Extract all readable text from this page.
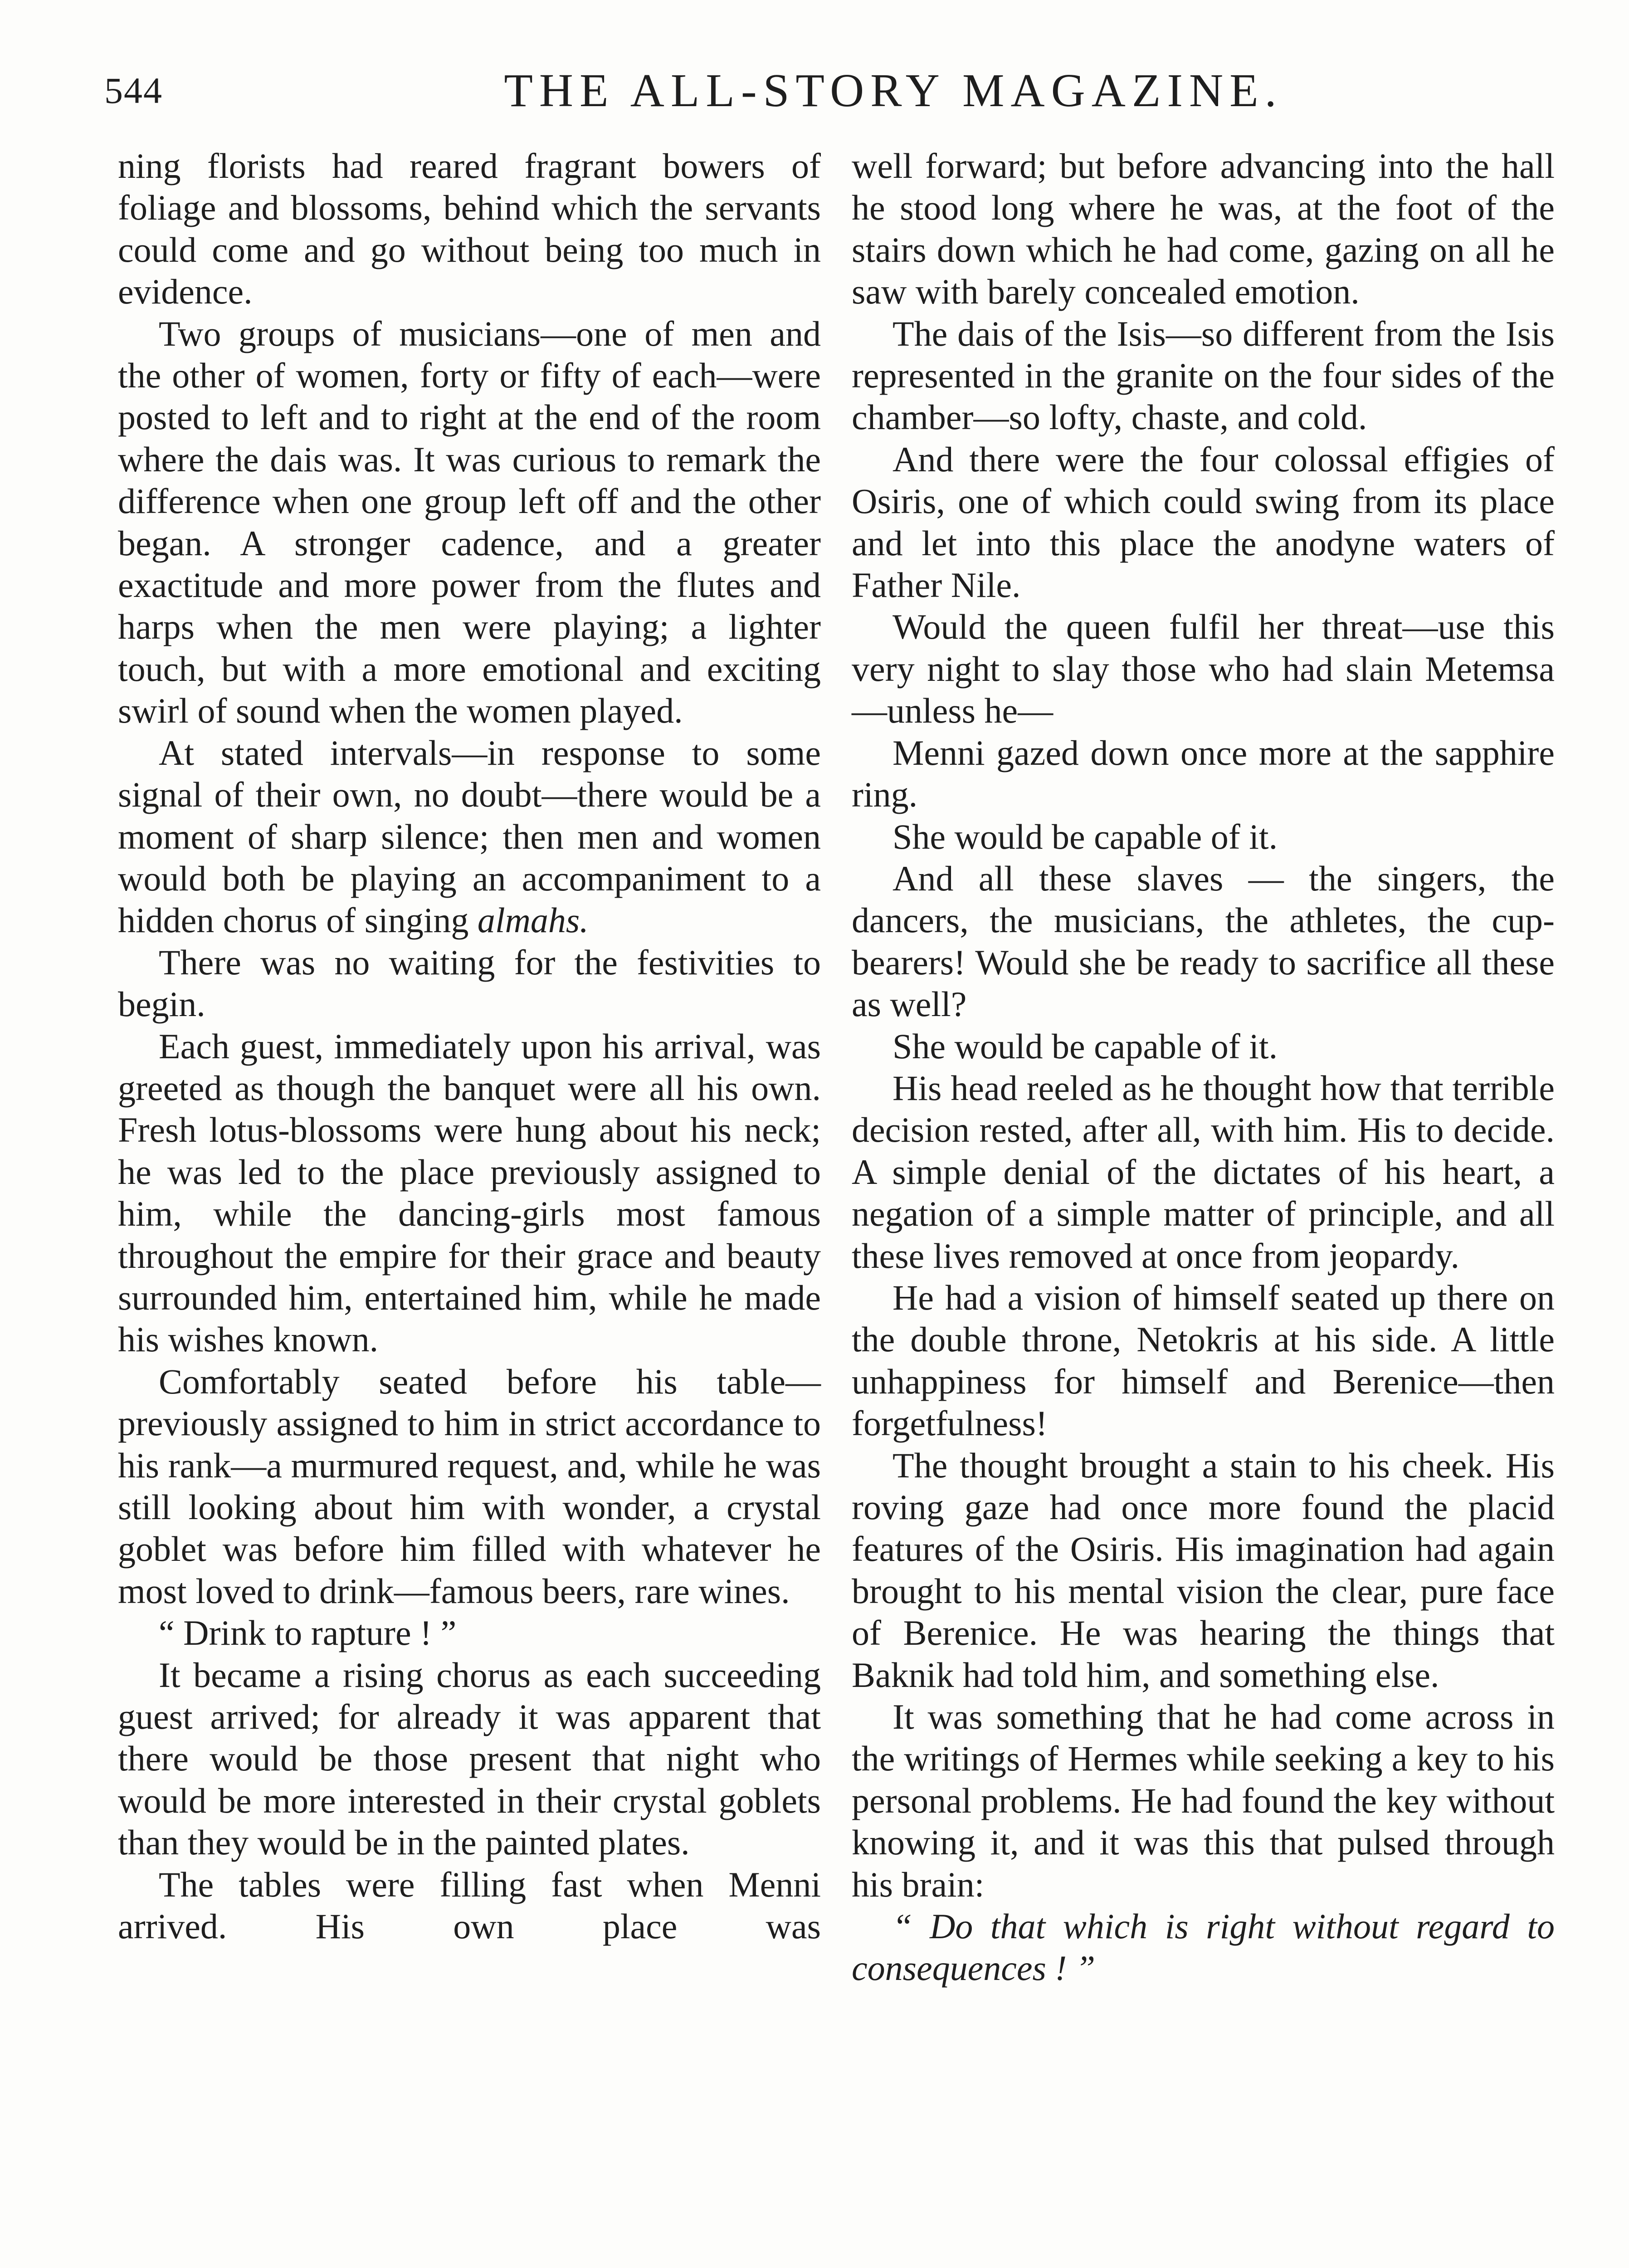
544	THE ALL-STORY MAGAZINE.

ning florists had reared fragrant bowers of foliage and blossoms, behind which the servants could come and go without being too much in evidence.

Two groups of musicians—one of men and the other of women, forty or fifty of each—were posted to left and to right at the end of the room where the dais was. It was curious to remark the difference when one group left off and the other began. A stronger cadence, and a greater exactitude and more power from the flutes and harps when the men were playing; a lighter touch, but with a more emotional and exciting swirl of sound when the women played.

At stated intervals—in response to some signal of their own, no doubt—there would be a moment of sharp silence; then men and women would both be playing an accompaniment to a hidden chorus of singing almahs.

There was no waiting for the festivities to begin.

Each guest, immediately upon his arrival, was greeted as though the banquet were all his own. Fresh lotus-blossoms were hung about his neck; he was led to the place previously assigned to him, while the dancing-girls most famous throughout the empire for their grace and beauty surrounded him, entertained him, while he made his wishes known.

Comfortably seated before his table—previously assigned to him in strict accordance to his rank—a murmured request, and, while he was still looking about him with wonder, a crystal goblet was before him filled with whatever he most loved to drink—famous beers, rare wines.

“ Drink to rapture ! ”

It became a rising chorus as each succeeding guest arrived; for already it was apparent that there would be those present that night who would be more interested in their crystal goblets than they would be in the painted plates.

The tables were filling fast when Menni arrived. His own place was

well forward; but before advancing into the hall he stood long where he was, at the foot of the stairs down which he had come, gazing on all he saw with barely concealed emotion.

The dais of the Isis—so different from the Isis represented in the granite on the four sides of the chamber—so lofty, chaste, and cold.

And there were the four colossal effigies of Osiris, one of which could swing from its place and let into this place the anodyne waters of Father Nile.

Would the queen fulfil her threat—use this very night to slay those who had slain Metemsa—unless he—

Menni gazed down once more at the sapphire ring.

She would be capable of it.

And all these slaves — the singers, the dancers, the musicians, the athletes, the cup-bearers! Would she be ready to sacrifice all these as well?

She would be capable of it.

His head reeled as he thought how that terrible decision rested, after all, with him. His to decide. A simple denial of the dictates of his heart, a negation of a simple matter of principle, and all these lives removed at once from jeopardy.

He had a vision of himself seated up there on the double throne, Netokris at his side. A little unhappiness for himself and Berenice—then forgetfulness!

The thought brought a stain to his cheek. His roving gaze had once more found the placid features of the Osiris. His imagination had again brought to his mental vision the clear, pure face of Berenice. He was hearing the things that Baknik had told him, and something else.

It was something that he had come across in the writings of Hermes while seeking a key to his personal problems. He had found the key without knowing it, and it was this that pulsed through his brain:

“ Do that which is right without regard to consequences ! ”
